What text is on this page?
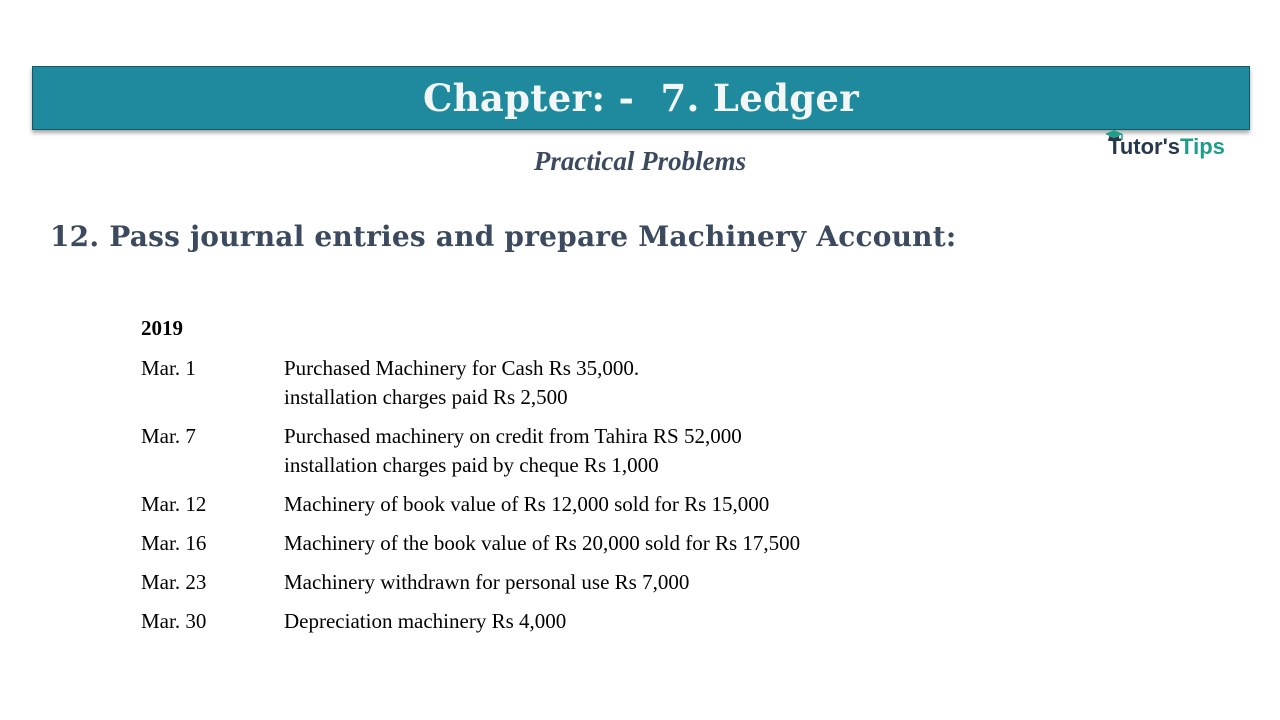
Chapter: -  7. Ledger
Practical Problems	Tutor'sTips
12. Pass journal entries and prepare Machinery Account:
2019
Mar. 1	Purchased Machinery for Cash Rs 35,000.
installation charges paid Rs 2,500
Mar. 7	Purchased machinery on credit from Tahira RS 52,000
installation charges paid by cheque Rs 1,000
Mar. 12	Machinery of book value of Rs 12,000 sold for Rs 15,000
Mar. 16	Machinery of the book value of Rs 20,000 sold for Rs 17,500
Mar. 23	Machinery withdrawn for personal use Rs 7,000
Mar. 30	Depreciation machinery Rs 4,000
